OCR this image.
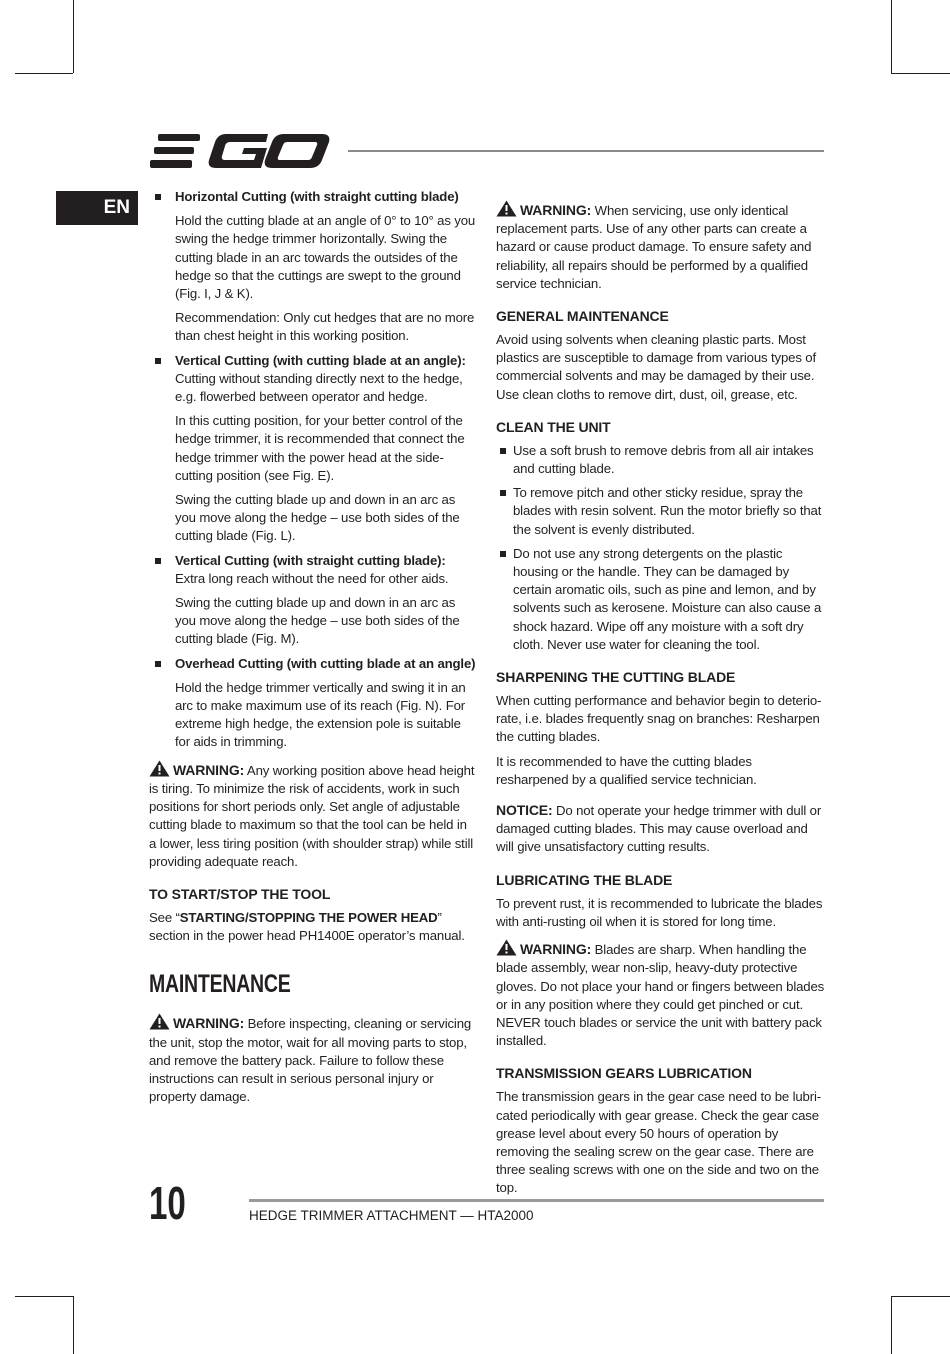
EN
Horizontal Cutting (with straight cutting blade)

Hold the cutting blade at an angle of 0° to 10° as you swing the hedge trimmer horizontally. Swing the cutting blade in an arc towards the outsides of the hedge so that the cuttings are swept to the ground (Fig. I, J & K).

Recommendation: Only cut hedges that are no more than chest height in this working position.

Vertical Cutting (with cutting blade at an angle):
Cutting without standing directly next to the hedge, e.g. flowerbed between operator and hedge.

In this cutting position, for your better control of the hedge trimmer, it is recommended that connect the hedge trimmer with the power head at the side-cutting position (see Fig. E).

Swing the cutting blade up and down in an arc as you move along the hedge – use both sides of the cutting blade (Fig. L).

Vertical Cutting (with straight cutting blade):
Extra long reach without the need for other aids.

Swing the cutting blade up and down in an arc as you move along the hedge – use both sides of the cutting blade (Fig. M).

Overhead Cutting (with cutting blade at an angle)

Hold the hedge trimmer vertically and swing it in an arc to make maximum use of its reach (Fig. N). For extreme high hedge, the extension pole is suitable for aids in trimming.

WARNING: Any working position above head height is tiring. To minimize the risk of accidents, work in such positions for short periods only. Set angle of adjustable cutting blade to maximum so that the tool can be held in a lower, less tiring position (with shoulder strap) while still providing adequate reach.

TO START/STOP THE TOOL

See “STARTING/STOPPING THE POWER HEAD” section in the power head PH1400E operator’s manual.

MAINTENANCE

WARNING: Before inspecting, cleaning or servicing the unit, stop the motor, wait for all moving parts to stop, and remove the battery pack. Failure to follow these instructions can result in serious personal injury or property damage.

WARNING: When servicing, use only identical replacement parts. Use of any other parts can create a hazard or cause product damage. To ensure safety and reliability, all repairs should be performed by a qualified service technician.

GENERAL MAINTENANCE

Avoid using solvents when cleaning plastic parts. Most plastics are susceptible to damage from various types of commercial solvents and may be damaged by their use. Use clean cloths to remove dirt, dust, oil, grease, etc.

CLEAN THE UNIT
Use a soft brush to remove debris from all air intakes and cutting blade.
To remove pitch and other sticky residue, spray the blades with resin solvent. Run the motor briefly so that the solvent is evenly distributed.
Do not use any strong detergents on the plastic housing or the handle. They can be damaged by certain aromatic oils, such as pine and lemon, and by solvents such as kerosene. Moisture can also cause a shock hazard. Wipe off any moisture with a soft dry cloth. Never use water for cleaning the tool.
SHARPENING THE CUTTING BLADE

When cutting performance and behavior begin to deterio-rate, i.e. blades frequently snag on branches: Resharpen the cutting blades.

It is recommended to have the cutting blades resharpened by a qualified service technician.

NOTICE: Do not operate your hedge trimmer with dull or damaged cutting blades. This may cause overload and will give unsatisfactory cutting results.

LUBRICATING THE BLADE

To prevent rust, it is recommended to lubricate the blades with anti-rusting oil when it is stored for long time.

WARNING: Blades are sharp. When handling the blade assembly, wear non-slip, heavy-duty protective gloves. Do not place your hand or fingers between blades or in any position where they could get pinched or cut. NEVER touch blades or service the unit with battery pack installed.

TRANSMISSION GEARS LUBRICATION

The transmission gears in the gear case need to be lubri-cated periodically with gear grease. Check the gear case grease level about every 50 hours of operation by removing the sealing screw on the gear case. There are three sealing screws with one on the side and two on the top.

10	HEDGE TRIMMER ATTACHMENT — HTA2000
